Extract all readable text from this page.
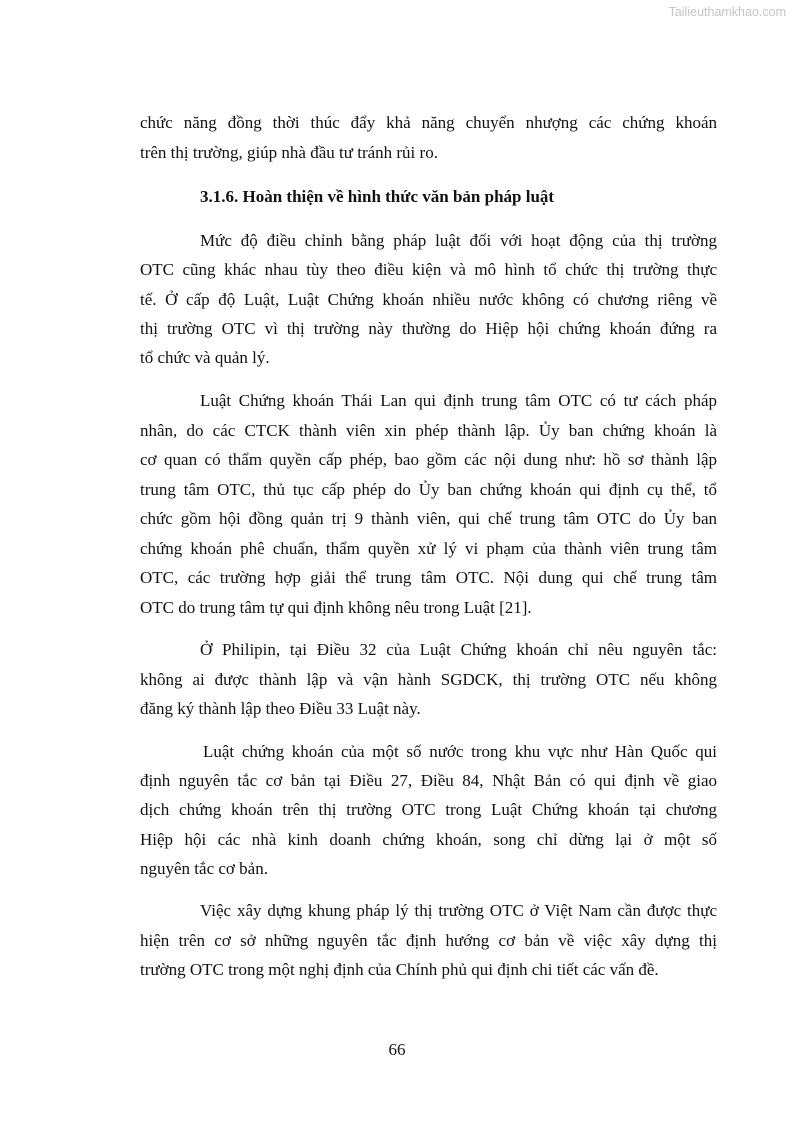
Tailieuthamkhao.com
3.1.6. Hoàn thiện về hình thức văn bản pháp luật
chức năng đồng thời thúc đẩy khả năng chuyển nhượng các chứng khoán
trên thị trường, giúp nhà đầu tư tránh rủi ro.
Mức độ điều chỉnh bằng pháp luật đối với hoạt động của thị trường
OTC cũng khác nhau tùy theo điều kiện và mô hình tổ chức thị trường thực
tế. Ở cấp độ Luật, Luật Chứng khoán nhiều nước không có chương riêng về
thị trường OTC vì thị trường này thường do Hiệp hội chứng khoán đứng ra
tổ chức và quản lý.
Luật Chứng khoán Thái Lan qui định trung tâm OTC có tư cách pháp
nhân, do các CTCK thành viên xin phép thành lập. Ủy ban chứng khoán là
cơ quan có thẩm quyền cấp phép, bao gồm các nội dung như: hồ sơ thành lập
trung tâm OTC, thủ tục cấp phép do Ủy ban chứng khoán qui định cụ thể, tổ
chức gồm hội đồng quản trị 9 thành viên, qui chế trung tâm OTC do Ủy ban
chứng khoán phê chuẩn, thẩm quyền xử lý vi phạm của thành viên trung tâm
OTC, các trường hợp giải thể trung tâm OTC. Nội dung qui chế trung tâm
OTC do trung tâm tự qui định không nêu trong Luật [21].
Ở Philipin, tại Điều 32 của Luật Chứng khoán chỉ nêu nguyên tắc:
không ai được thành lập và vận hành SGDCK, thị trường OTC nếu không
đăng ký thành lập theo Điều 33 Luật này.
Luật chứng khoán của một số nước trong khu vực như Hàn Quốc qui
định nguyên tắc cơ bản tại Điều 27, Điều 84, Nhật Bản có qui định về giao
dịch chứng khoán trên thị trường OTC trong Luật Chứng khoán tại chương
Hiệp hội các nhà kinh doanh chứng khoán, song chỉ dừng lại ở một số
nguyên tắc cơ bản.
Việc xây dựng khung pháp lý thị trường OTC ở Việt Nam cần được thực
hiện trên cơ sở những nguyên tắc định hướng cơ bản về việc xây dựng thị
trường OTC trong một nghị định của Chính phủ qui định chi tiết các vấn đề.
66
